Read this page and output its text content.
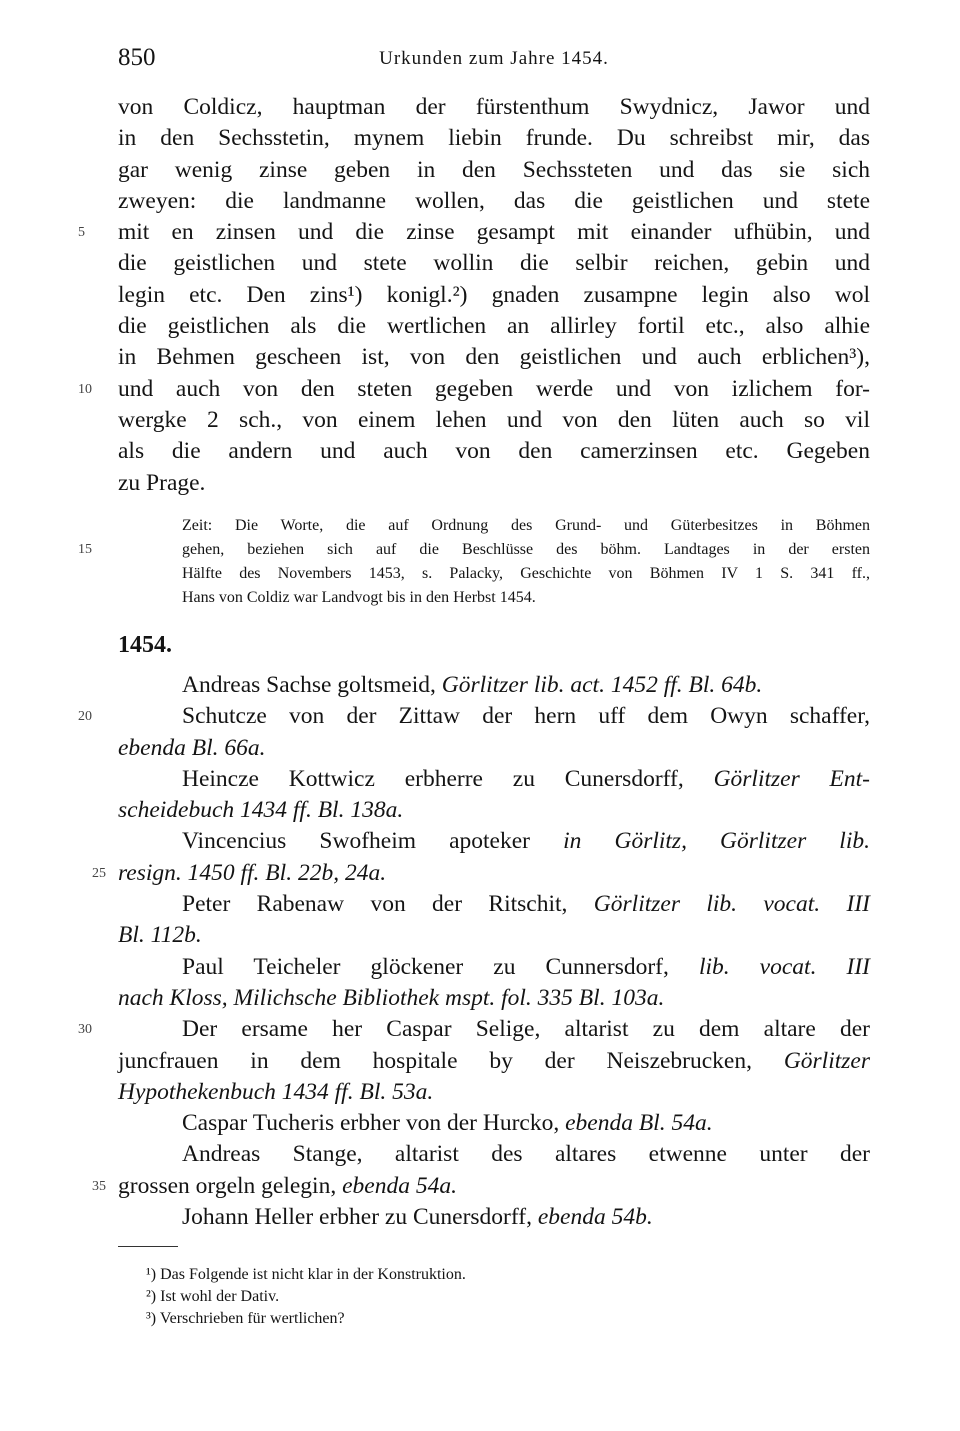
850	Urkunden zum Jahre 1454.
von Coldicz, hauptman der fürstenthum Swydnicz, Jawor und
in den Sechsstetin, mynem liebin frunde. Du schreibst mir, das
gar wenig zinse geben in den Sechssteten und das sie sich
zweyen: die landmanne wollen, das die geistlichen und stete
5	mit en zinsen und die zinse gesampt mit einander ufhübin, und
die geistlichen und stete wollin die selbir reichen, gebin und
legin etc. Den zins¹) konigl.²) gnaden zusampne legin also wol
die geistlichen als die wertlichen an allirley fortil etc., also alhie
in Behmen gescheen ist, von den geistlichen und auch erblichen³),
10	und auch von den steten gegeben werde und von izlichem for-
wergke 2 sch., von einem lehen und von den lüten auch so vil
als die andern und auch von den camerzinsen etc. Gegeben
zu Prage.
Zeit: Die Worte, die auf Ordnung des Grund- und Güterbesitzes in Böhmen
15	gehen, beziehen sich auf die Beschlüsse des böhm. Landtages in der ersten
Hälfte des Novembers 1453, s. Palacky, Geschichte von Böhmen IV 1 S. 341 ff.,
Hans von Coldiz war Landvogt bis in den Herbst 1454.
1454.
Andreas Sachse goltsmeid, Görlitzer lib. act. 1452 ff. Bl. 64b.
20	Schutcze von der Zittaw der hern uff dem Owyn schaffer,
ebenda Bl. 66a.
Heincze Kottwicz erbherre zu Cunersdorff, Görlitzer Ent-
scheidebuch 1434 ff. Bl. 138a.
Vincencius Swofheim apoteker in Görlitz, Görlitzer lib.
25 resign. 1450 ff. Bl. 22b, 24a.
Peter Rabenaw von der Ritschit, Görlitzer lib. vocat. III
Bl. 112b.
Paul Teicheler glöckener zu Cunnersdorf, lib. vocat. III
nach Kloss, Milichsche Bibliothek mspt. fol. 335 Bl. 103a.
30	Der ersame her Caspar Selige, altarist zu dem altare der
juncfrauen in dem hospitale by der Neiszebrucken, Görlitzer
Hypothekenbuch 1434 ff. Bl. 53a.
Caspar Tucheris erbher von der Hurcko, ebenda Bl. 54a.
Andreas Stange, altarist des altares etwenne unter der
35 grossen orgeln gelegin, ebenda 54a.
Johann Heller erbher zu Cunersdorff, ebenda 54b.
¹) Das Folgende ist nicht klar in der Konstruktion.
²) Ist wohl der Dativ.
³) Verschrieben für wertlichen?
